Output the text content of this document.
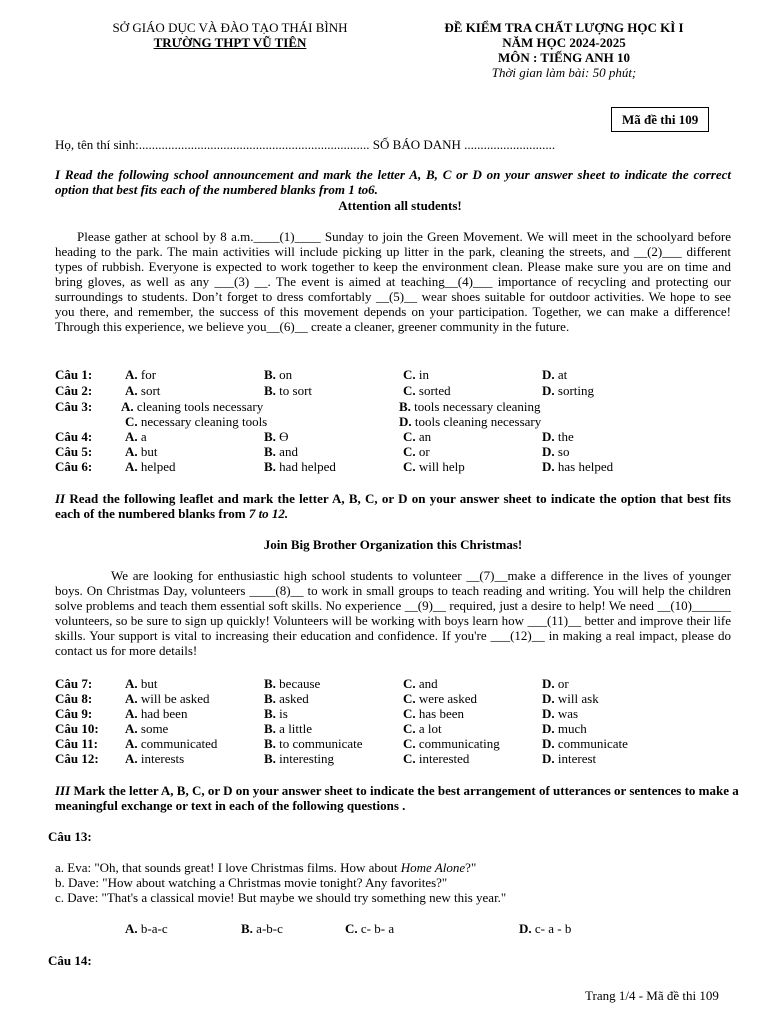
SỞ GIÁO DỤC VÀ ĐÀO TẠO THÁI BÌNH
TRƯỜNG THPT VŨ TIÊN
ĐỀ KIỂM TRA CHẤT LƯỢNG HỌC KÌ I
NĂM HỌC 2024-2025
MÔN : TIẾNG ANH 10
Thời gian làm bài: 50 phút;
Mã đề thi 109
Họ, tên thí sinh:....................................................................... SỐ BÁO DANH ............................
I Read the following school announcement and mark the letter A, B, C or D on your answer sheet to indicate the correct option that best fits each of the numbered blanks from 1 to6.
Attention all students!
Please gather at school by 8 a.m.____(1)____ Sunday to join the Green Movement. We will meet in the schoolyard before heading to the park. The main activities will include picking up litter in the park, cleaning the streets, and __(2)___ different types of rubbish. Everyone is expected to work together to keep the environment clean. Please make sure you are on time and bring gloves, as well as any ___(3) __. The event is aimed at teaching__(4)___ importance of recycling and protecting our surroundings to students. Don’t forget to dress comfortably __(5)__ wear shoes suitable for outdoor activities. We hope to see you there, and remember, the success of this movement depends on your participation. Together, we can make a difference! Through this experience, we believe you__(6)__ create a cleaner, greener community in the future.
Câu 1:	A. for	B. on	C. in	D. at
Câu 2:	A. sort	B. to sort	C. sorted	D. sorting
Câu 3: A. cleaning tools necessary	B. tools necessary cleaning
C. necessary cleaning tools	D. tools cleaning necessary
Câu 4:	A. a	B. Ɵ	C. an	D. the
Câu 5:	A. but	B. and	C. or	D. so
Câu 6:	A. helped	B. had helped	C. will help	D. has helped
II Read the following leaflet and mark the letter A, B, C, or D on your answer sheet to indicate the option that best fits each of the numbered blanks from 7 to 12.
Join Big Brother Organization this Christmas!
We are looking for enthusiastic high school students to volunteer __(7)__make a difference in the lives of younger boys. On Christmas Day, volunteers ____(8)__ to work in small groups to teach reading and writing. You will help the children solve problems and teach them essential soft skills. No experience __(9)__ required, just a desire to help! We need __(10)______ volunteers, so be sure to sign up quickly! Volunteers will be working with boys learn how ___(11)__ better and improve their life skills. Your support is vital to increasing their education and confidence. If you're ___(12)__ in making a real impact, please do contact us for more details!
Câu 7:	A. but	B. because	C. and	D. or
Câu 8:	A. will be asked	B. asked	C. were asked	D. will ask
Câu 9:	A. had been	B. is	C. has been	D. was
Câu 10: A. some	B. a little	C. a lot	D. much
Câu 11: A. communicated	B. to communicate	C. communicating	D. communicate
Câu 12: A. interests	B. interesting	C. interested	D. interest
III Mark the letter A, B, C, or D on your answer sheet to indicate the best arrangement of utterances or sentences to make a meaningful exchange or text in each of the following questions .
Câu 13:
a. Eva: "Oh, that sounds great! I love Christmas films. How about Home Alone?"
b. Dave: "How about watching a Christmas movie tonight? Any favorites?"
c. Dave: "That's a classical movie! But maybe we should try something new this year."
A. b-a-c	B. a-b-c	C. c- b- a	D. c- a - b
Câu 14:
Trang 1/4 - Mã đề thi 109
